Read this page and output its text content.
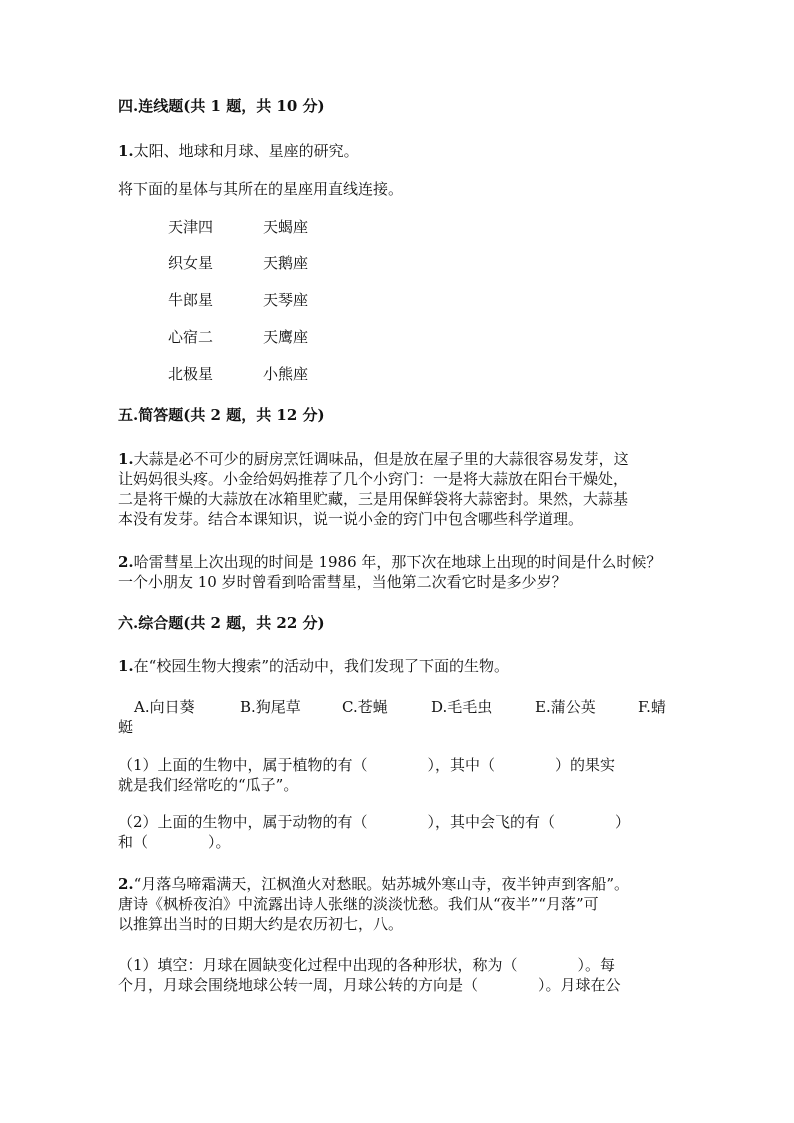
四.连线题(共 1 题，共 10 分)
1.太阳、地球和月球、星座的研究。
将下面的星体与其所在的星座用直线连接。
天津四	天蝎座
织女星	天鹅座
牛郎星	天琴座
心宿二	天鹰座
北极星	小熊座
五.简答题(共 2 题，共 12 分)
1.大蒜是必不可少的厨房烹饪调味品，但是放在屋子里的大蒜很容易发芽，这
让妈妈很头疼。小金给妈妈推荐了几个小窍门：一是将大蒜放在阳台干燥处，
二是将干燥的大蒜放在冰箱里贮藏，三是用保鲜袋将大蒜密封。果然，大蒜基
本没有发芽。结合本课知识，说一说小金的窍门中包含哪些科学道理。
2.哈雷彗星上次出现的时间是 1986 年，那下次在地球上出现的时间是什么时候？
一个小朋友 10 岁时曾看到哈雷彗星，当他第二次看它时是多少岁？
六.综合题(共 2 题，共 22 分)
1.在“校园生物大搜索”的活动中，我们发现了下面的生物。
A.向日葵	B.狗尾草	C.苍蝇	D.毛毛虫	E.蒲公英	F.蜻
蜓
（1）上面的生物中，属于植物的有（　　　　），其中（　　　　）的果实
就是我们经常吃的“瓜子”。
（2）上面的生物中，属于动物的有（　　　　），其中会飞的有（　　　　）
和（　　　　）。
2.“月落乌啼霜满天，江枫渔火对愁眠。姑苏城外寒山寺，夜半钟声到客船”。
唐诗《枫桥夜泊》中流露出诗人张继的淡淡忧愁。我们从“夜半”“月落”可
以推算出当时的日期大约是农历初七，八。
（1）填空：月球在圆缺变化过程中出现的各种形状，称为（　　　　）。每
个月，月球会围绕地球公转一周，月球公转的方向是（　　　　）。月球在公
